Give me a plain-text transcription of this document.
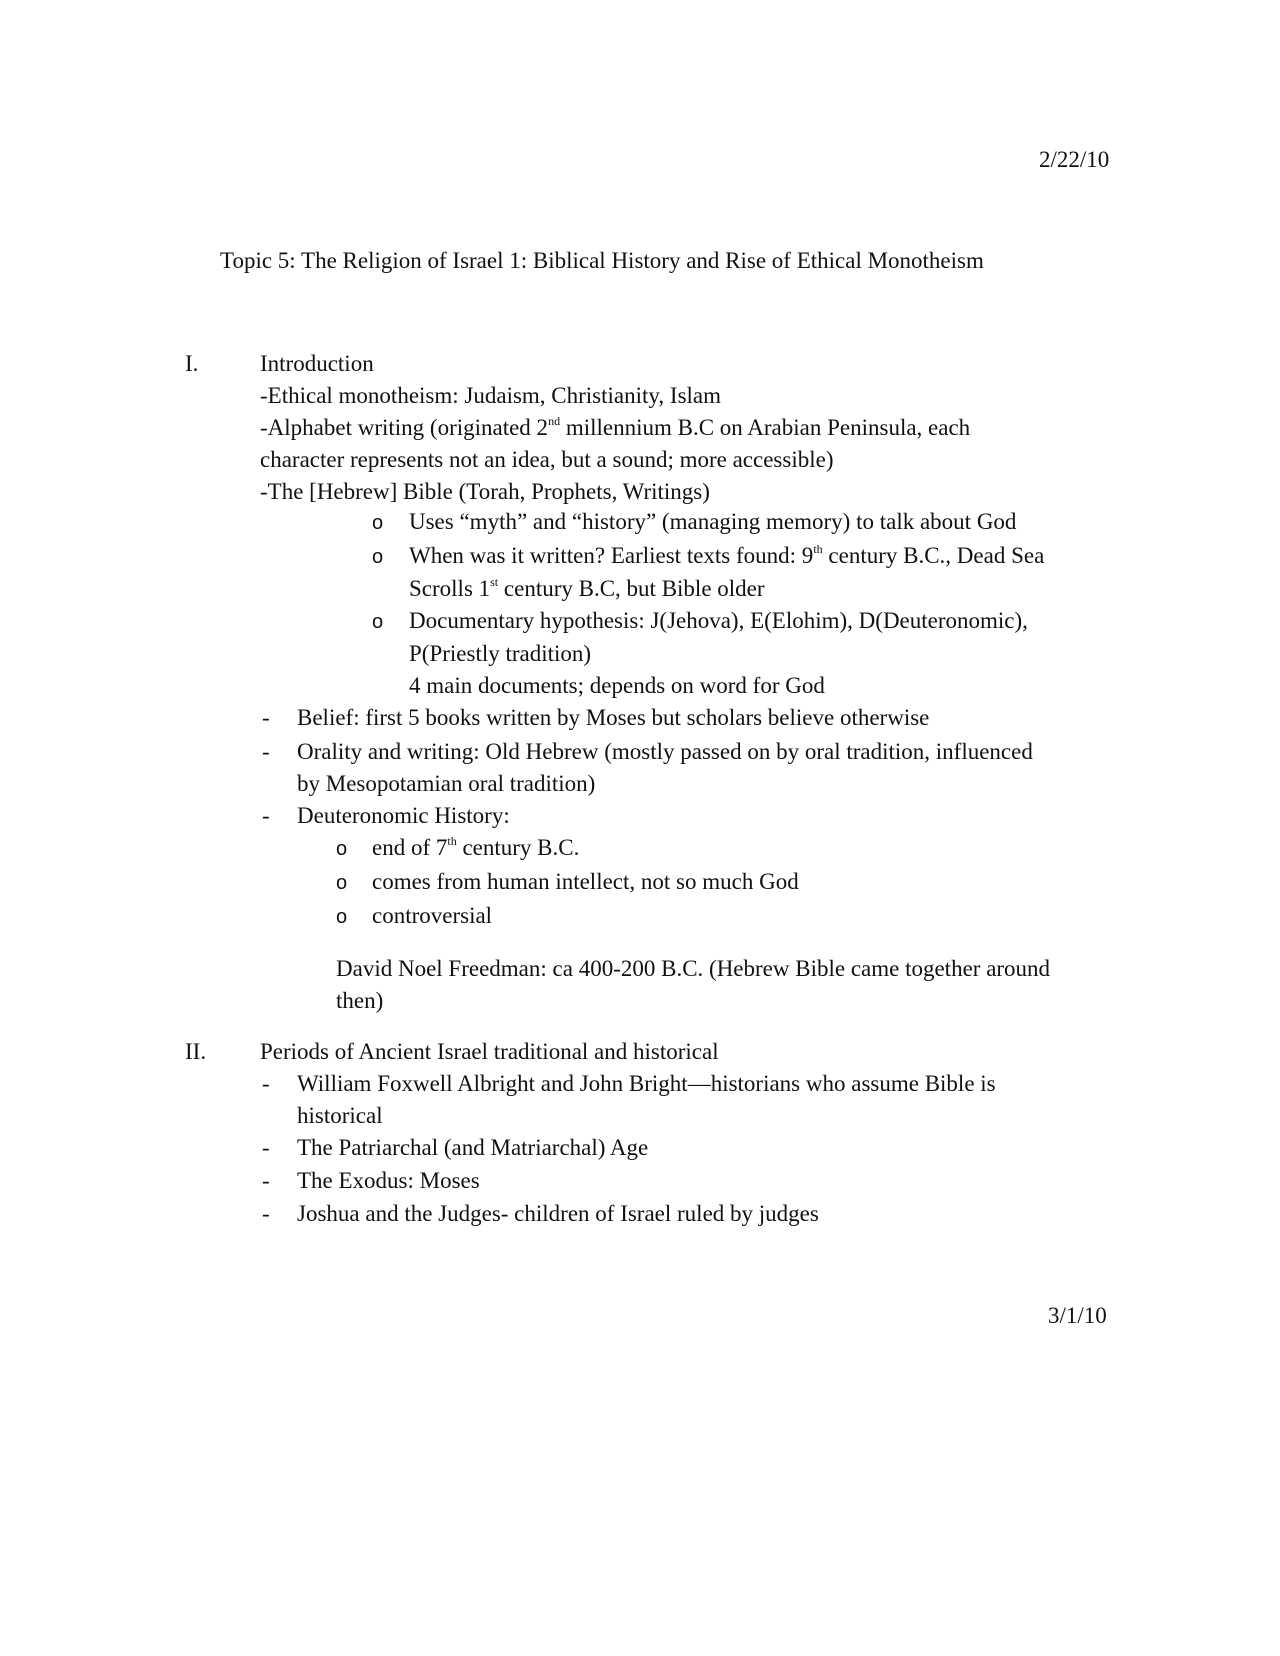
2/22/10
Topic 5: The Religion of Israel 1: Biblical History and Rise of Ethical Monotheism
I.	Introduction
-Ethical monotheism: Judaism, Christianity, Islam
-Alphabet writing (originated 2nd millennium B.C on Arabian Peninsula, each
character represents not an idea, but a sound; more accessible)
-The [Hebrew] Bible (Torah, Prophets, Writings)
o Uses “myth” and “history” (managing memory) to talk about God
o When was it written? Earliest texts found: 9th century B.C., Dead Sea
Scrolls 1st century B.C, but Bible older
o Documentary hypothesis: J(Jehova), E(Elohim), D(Deuteronomic),
P(Priestly tradition)
4 main documents; depends on word for God
- Belief: first 5 books written by Moses but scholars believe otherwise
- Orality and writing: Old Hebrew (mostly passed on by oral tradition, influenced
by Mesopotamian oral tradition)
- Deuteronomic History:
o end of 7th century B.C.
o comes from human intellect, not so much God
o controversial
David Noel Freedman: ca 400-200 B.C. (Hebrew Bible came together around
then)
II. Periods of Ancient Israel traditional and historical
- William Foxwell Albright and John Bright—historians who assume Bible is
historical
- The Patriarchal (and Matriarchal) Age
- The Exodus: Moses
- Joshua and the Judges- children of Israel ruled by judges
3/1/10
